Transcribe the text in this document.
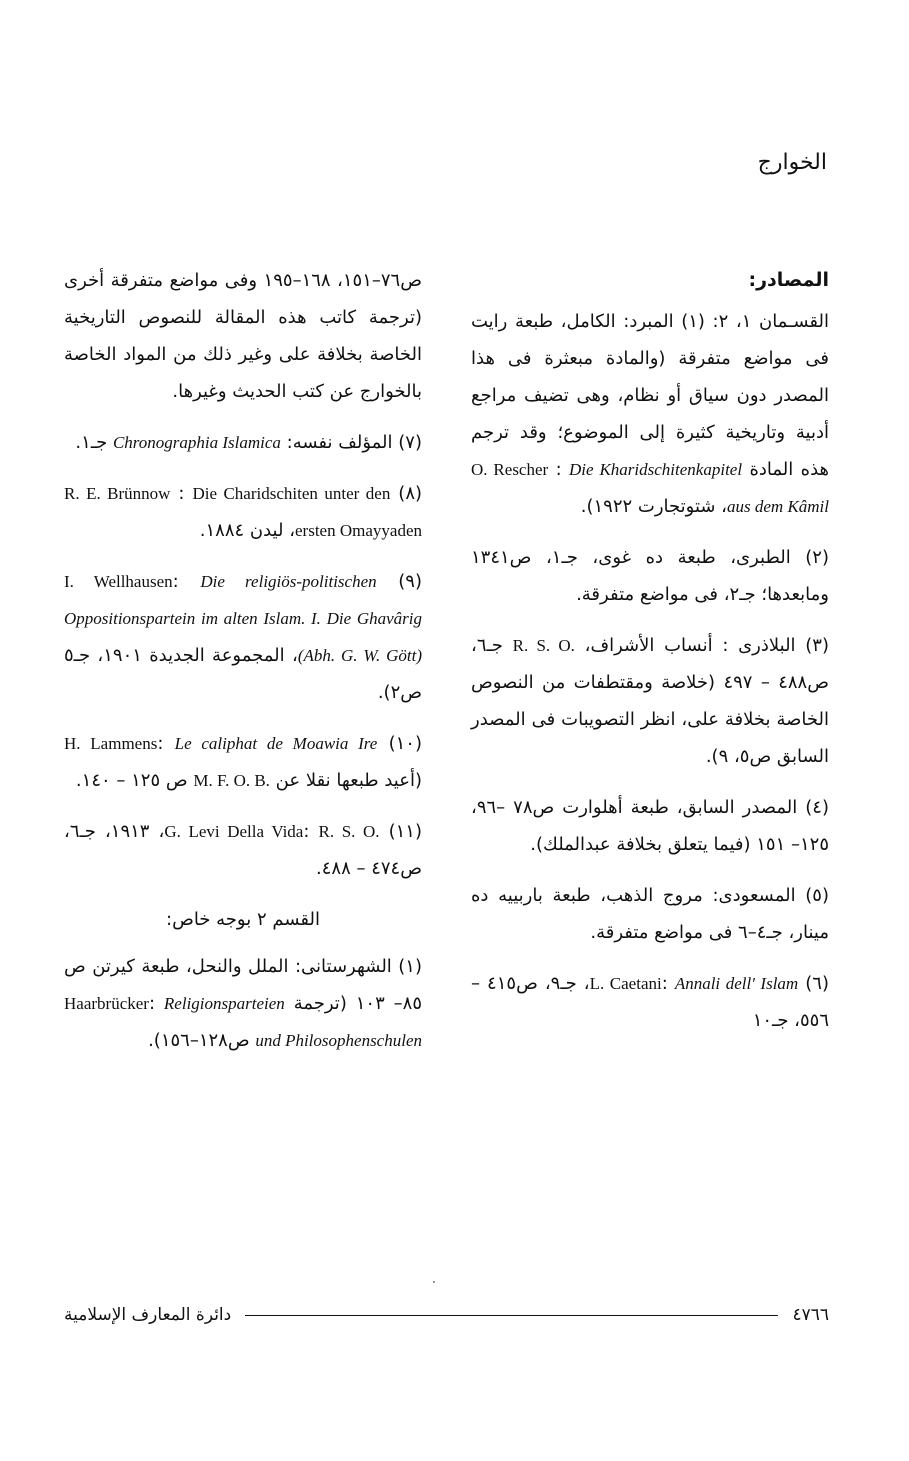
الخوارج
المصادر:

القسـمان ١، ٢: (١) المبرد: الكامل، طبعة رايت فى مواضع متفرقة (والمادة مبعثرة فى هذا المصدر دون سياق أو نظام، وهى تضيف مراجع أدبية وتاريخية كثيرة إلى الموضوع؛ وقد ترجم هذه المادة O. Rescher : Die Kharidschitenkapitel aus dem Kâmil، شتوتجارت ١٩٢٢).

(٢) الطبرى، طبعة ده غوى، جـ١، ص١٣٤١ ومابعدها؛ جـ٢، فى مواضع متفرقة.

(٣) البلاذرى : أنساب الأشراف، R. S. O. جـ٦، ص٤٨٨ – ٤٩٧ (خلاصة ومقتطفات من النصوص الخاصة بخلافة على، انظر التصويبات فى المصدر السابق ص٥، ٩).

(٤) المصدر السابق، طبعة أهلوارت ص٧٨ –٩٦، ١٢٥– ١٥١ (فيما يتعلق بخلافة عبدالملك).

(٥) المسعودى: مروج الذهب، طبعة باربييه ده مينار، جـ٤–٦ فى مواضع متفرقة.

(٦) L. Caetani: Annali dell' Islam، جـ٩، ص٤١٥ –٥٥٦، جـ١٠

ص٧٦–١٥١، ١٦٨–١٩٥ وفى مواضع متفرقة أخرى (ترجمة كاتب هذه المقالة للنصوص التاريخية الخاصة بخلافة على وغير ذلك من المواد الخاصة بالخوارج عن كتب الحديث وغيرها.

(٧) المؤلف نفسه: Chronographia Islamica جـ١.

(٨) R. E. Brünnow : Die Charidschiten unter den ersten Omayyaden، ليدن ١٨٨٤.

(٩) I. Wellhausen: Die religiös-politischen Oppositionspartein im alten Islam. I. Die Ghavârig (Abh. G. W. Gött)، المجموعة الجديدة ١٩٠١، جـ٥ ص٢).

(١٠) H. Lammens: Le caliphat de Moawia Ire (أعيد طبعها نقلا عن M. F. O. B. ص ١٢٥ – ١٤٠.

(١١) G. Levi Della Vida: R. S. O.، ١٩١٣، جـ٦، ص٤٧٤ – ٤٨٨.

القسم ٢ بوجه خاص:

(١) الشهرستانى: الملل والنحل، طبعة كيرتن ص ٨٥– ١٠٣ (ترجمة Haarbrücker: Religionsparteien und Philosophenschulen ص١٢٨–١٥٦).

٤٧٦٦
دائرة المعارف الإسلامية
